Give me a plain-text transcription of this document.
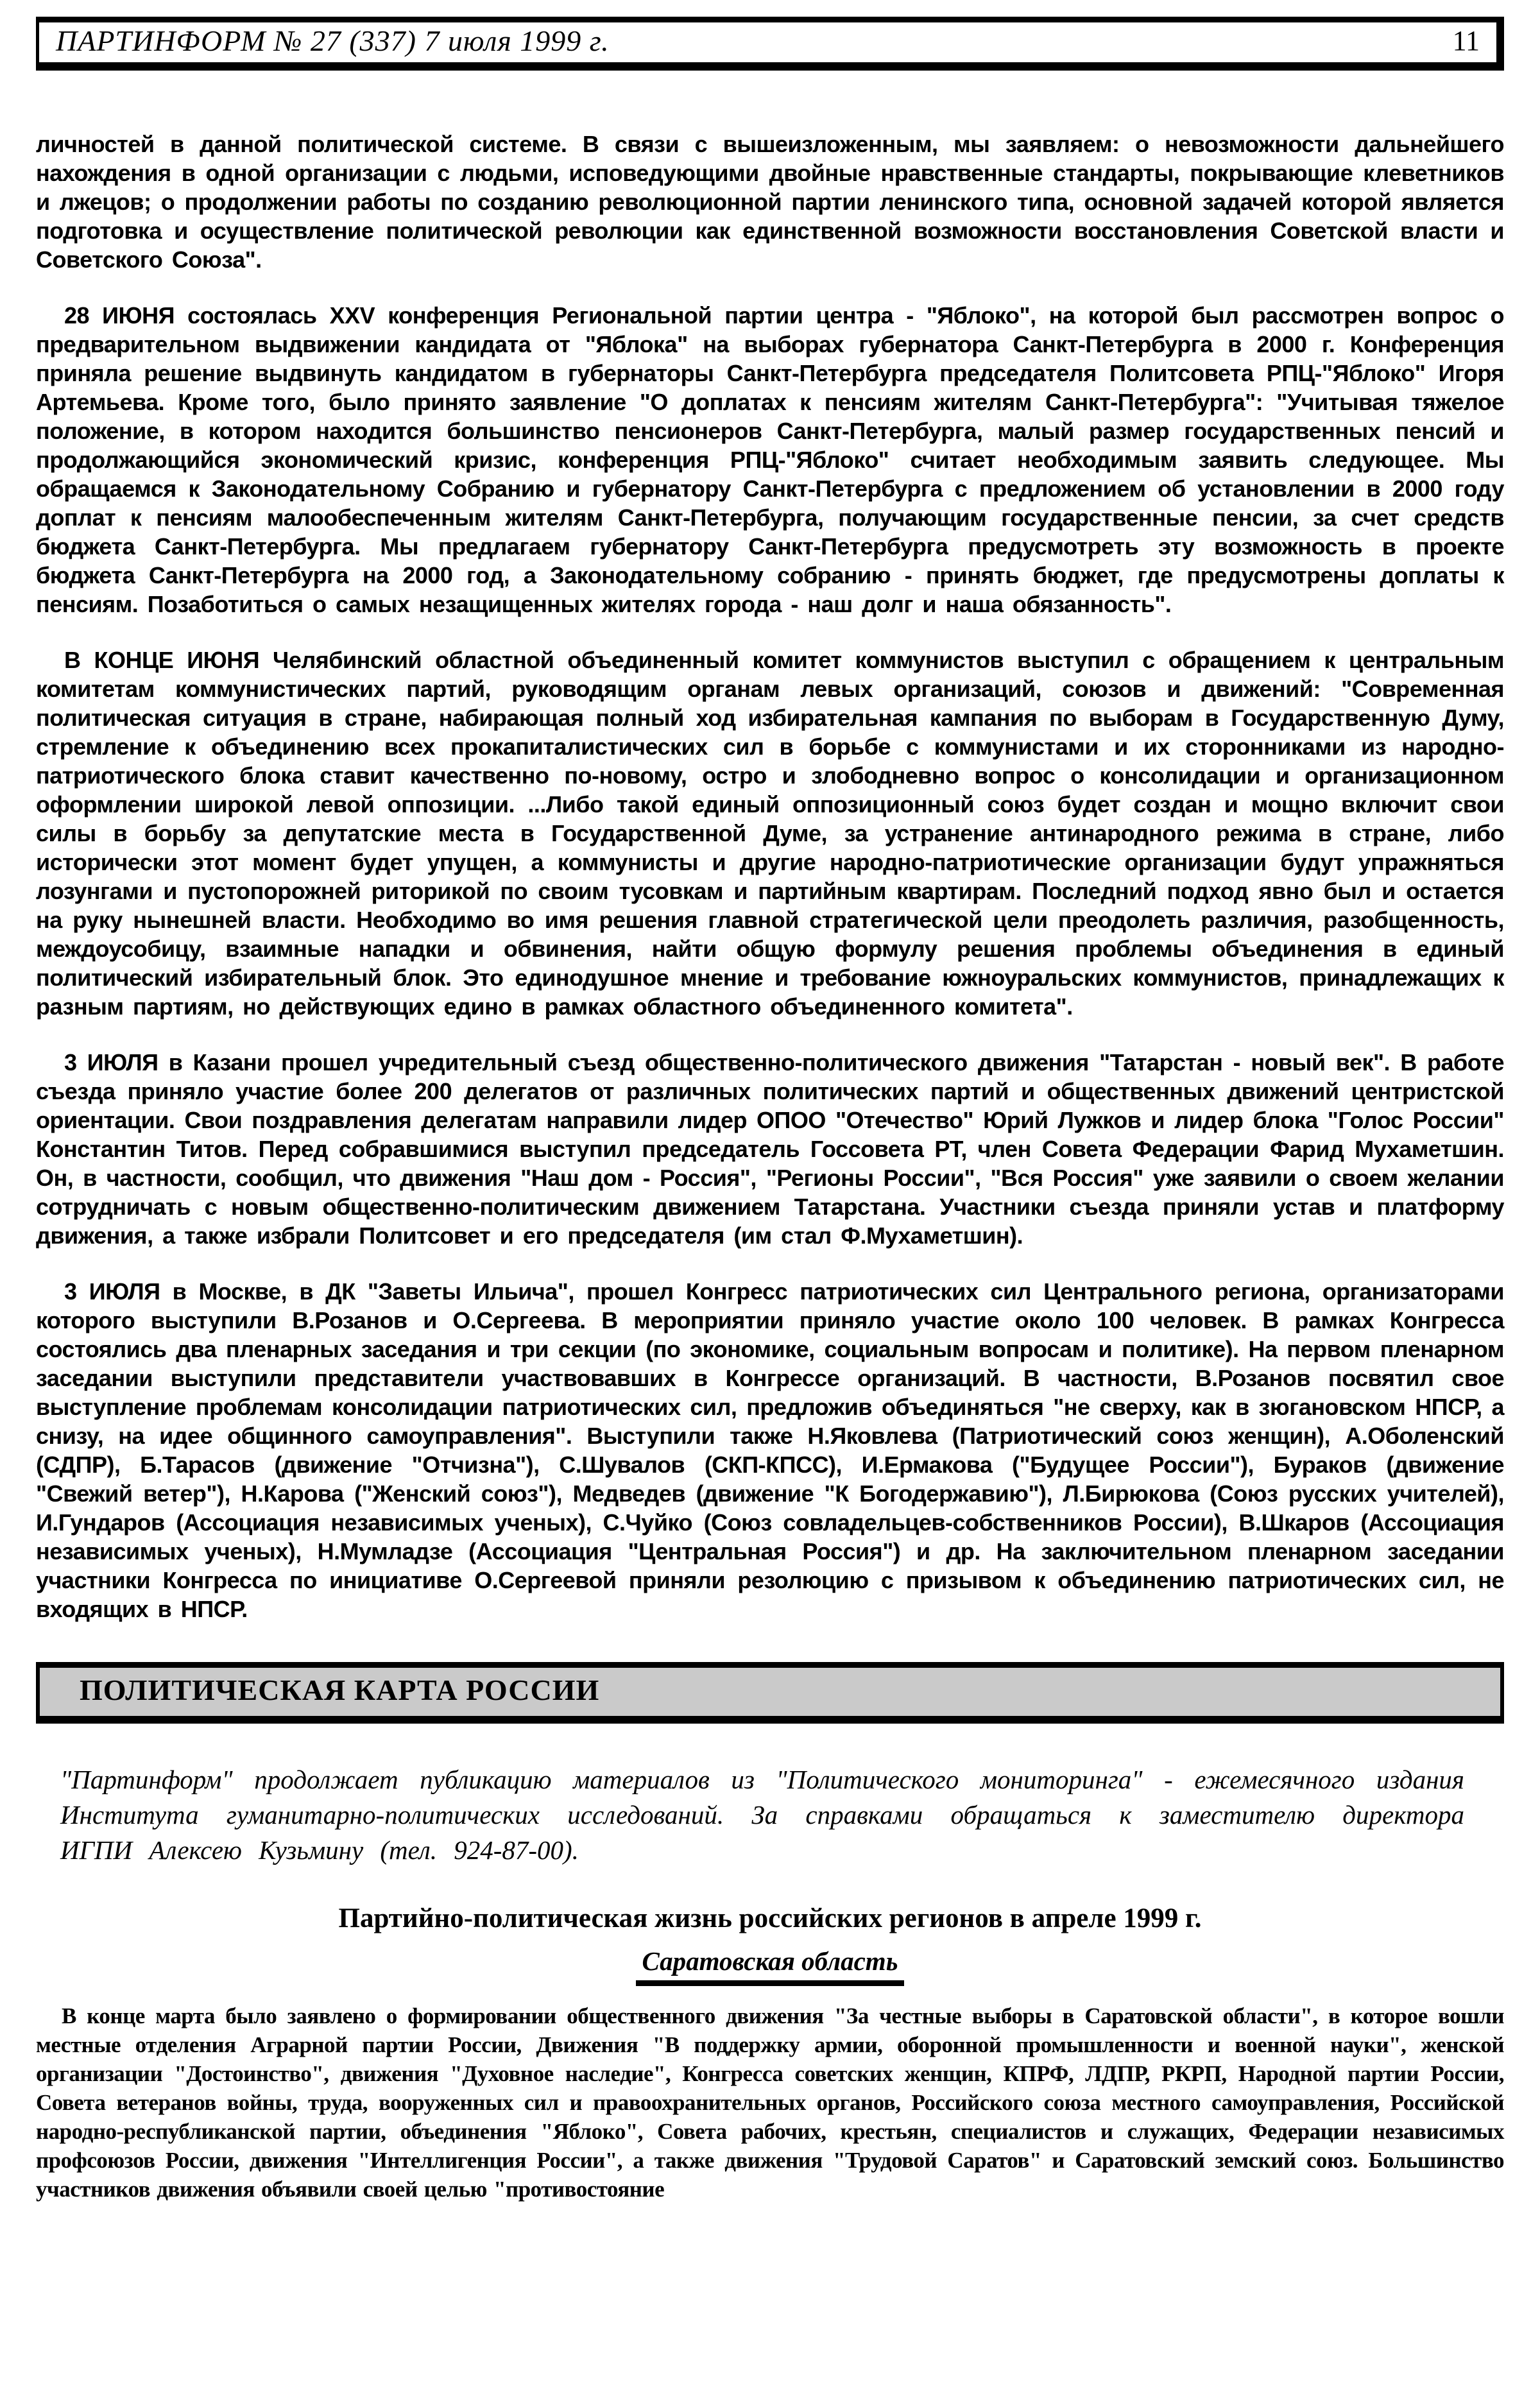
ПАРТИНФОРМ № 27 (337) 7 июля 1999 г.	11

личностей в данной политической системе. В связи с вышеизложенным, мы заявляем: о невозможности дальнейшего нахождения в одной организации с людьми, исповедующими двойные нравственные стандарты, покрывающие клеветников и лжецов; о продолжении работы по созданию революционной партии ленинского типа, основной задачей которой является подготовка и осуществление политической революции как единственной возможности восстановления Советской власти и Советского Союза".

28 ИЮНЯ состоялась XXV конференция Региональной партии центра - "Яблоко", на которой был рассмотрен вопрос о предварительном выдвижении кандидата от "Яблока" на выборах губернатора Санкт-Петербурга в 2000 г. Конференция приняла решение выдвинуть кандидатом в губернаторы Санкт-Петербурга председателя Политсовета РПЦ-"Яблоко" Игоря Артемьева. Кроме того, было принято заявление "О доплатах к пенсиям жителям Санкт-Петербурга": "Учитывая тяжелое положение, в котором находится большинство пенсионеров Санкт-Петербурга, малый размер государственных пенсий и продолжающийся экономический кризис, конференция РПЦ-"Яблоко" считает необходимым заявить следующее. Мы обращаемся к Законодательному Собранию и губернатору Санкт-Петербурга с предложением об установлении в 2000 году доплат к пенсиям малообеспеченным жителям Санкт-Петербурга, получающим государственные пенсии, за счет средств бюджета Санкт-Петербурга. Мы предлагаем губернатору Санкт-Петербурга предусмотреть эту возможность в проекте бюджета Санкт-Петербурга на 2000 год, а Законодательному собранию - принять бюджет, где предусмотрены доплаты к пенсиям. Позаботиться о самых незащищенных жителях города - наш долг и наша обязанность".

В КОНЦЕ ИЮНЯ Челябинский областной объединенный комитет коммунистов выступил с обращением к центральным комитетам коммунистических партий, руководящим органам левых организаций, союзов и движений: "Современная политическая ситуация в стране, набирающая полный ход избирательная кампания по выборам в Государственную Думу, стремление к объединению всех прокапиталистических сил в борьбе с коммунистами и их сторонниками из народно-патриотического блока ставит качественно по-новому, остро и злободневно вопрос о консолидации и организационном оформлении широкой левой оппозиции. ...Либо такой единый оппозиционный союз будет создан и мощно включит свои силы в борьбу за депутатские места в Государственной Думе, за устранение антинародного режима в стране, либо исторически этот момент будет упущен, а коммунисты и другие народно-патриотические организации будут упражняться лозунгами и пустопорожней риторикой по своим тусовкам и партийным квартирам. Последний подход явно был и остается на руку нынешней власти. Необходимо во имя решения главной стратегической цели преодолеть различия, разобщенность, междоусобицу, взаимные нападки и обвинения, найти общую формулу решения проблемы объединения в единый политический избирательный блок. Это единодушное мнение и требование южноуральских коммунистов, принадлежащих к разным партиям, но действующих едино в рамках областного объединенного комитета".

3 ИЮЛЯ в Казани прошел учредительный съезд общественно-политического движения "Татарстан - новый век". В работе съезда приняло участие более 200 делегатов от различных политических партий и общественных движений центристской ориентации. Свои поздравления делегатам направили лидер ОПОО "Отечество" Юрий Лужков и лидер блока "Голос России" Константин Титов. Перед собравшимися выступил председатель Госсовета РТ, член Совета Федерации Фарид Мухаметшин. Он, в частности, сообщил, что движения "Наш дом - Россия", "Регионы России", "Вся Россия" уже заявили о своем желании сотрудничать с новым общественно-политическим движением Татарстана. Участники съезда приняли устав и платформу движения, а также избрали Политсовет и его председателя (им стал Ф.Мухаметшин).

3 ИЮЛЯ в Москве, в ДК "Заветы Ильича", прошел Конгресс патриотических сил Центрального региона, организаторами которого выступили В.Розанов и О.Сергеева. В мероприятии приняло участие около 100 человек. В рамках Конгресса состоялись два пленарных заседания и три секции (по экономике, социальным вопросам и политике). На первом пленарном заседании выступили представители участвовавших в Конгрессе организаций. В частности, В.Розанов посвятил свое выступление проблемам консолидации патриотических сил, предложив объединяться "не сверху, как в зюгановском НПСР, а снизу, на идее общинного самоуправления". Выступили также Н.Яковлева (Патриотический союз женщин), А.Оболенский (СДПР), Б.Тарасов (движение "Отчизна"), С.Шувалов (СКП-КПСС), И.Ермакова ("Будущее России"), Бураков (движение "Свежий ветер"), Н.Карова ("Женский союз"), Медведев (движение "К Богодержавию"), Л.Бирюкова (Союз русских учителей), И.Гундаров (Ассоциация независимых ученых), С.Чуйко (Союз совладельцев-собственников России), В.Шкаров (Ассоциация независимых ученых), Н.Мумладзе (Ассоциация "Центральная Россия") и др. На заключительном пленарном заседании участники Конгресса по инициативе О.Сергеевой приняли резолюцию с призывом к объединению патриотических сил, не входящих в НПСР.

ПОЛИТИЧЕСКАЯ КАРТА РОССИИ

"Партинформ" продолжает публикацию материалов из "Политического мониторинга" - ежемесячного издания Института гуманитарно-политических исследований. За справками обращаться к заместителю директора ИГПИ Алексею Кузьмину (тел. 924-87-00).

Партийно-политическая жизнь российских регионов в апреле 1999 г.
Саратовская область

В конце марта было заявлено о формировании общественного движения "За честные выборы в Саратовской области", в которое вошли местные отделения Аграрной партии России, Движения "В поддержку армии, оборонной промышленности и военной науки", женской организации "Достоинство", движения "Духовное наследие", Конгресса советских женщин, КПРФ, ЛДПР, РКРП, Народной партии России, Совета ветеранов войны, труда, вооруженных сил и правоохранительных органов, Российского союза местного самоуправления, Российской народно-республиканской партии, объединения "Яблоко", Совета рабочих, крестьян, специалистов и служащих, Федерации независимых профсоюзов России, движения "Интеллигенция России", а также движения "Трудовой Саратов" и Саратовский земский союз. Большинство участников движения объявили своей целью "противостояние
